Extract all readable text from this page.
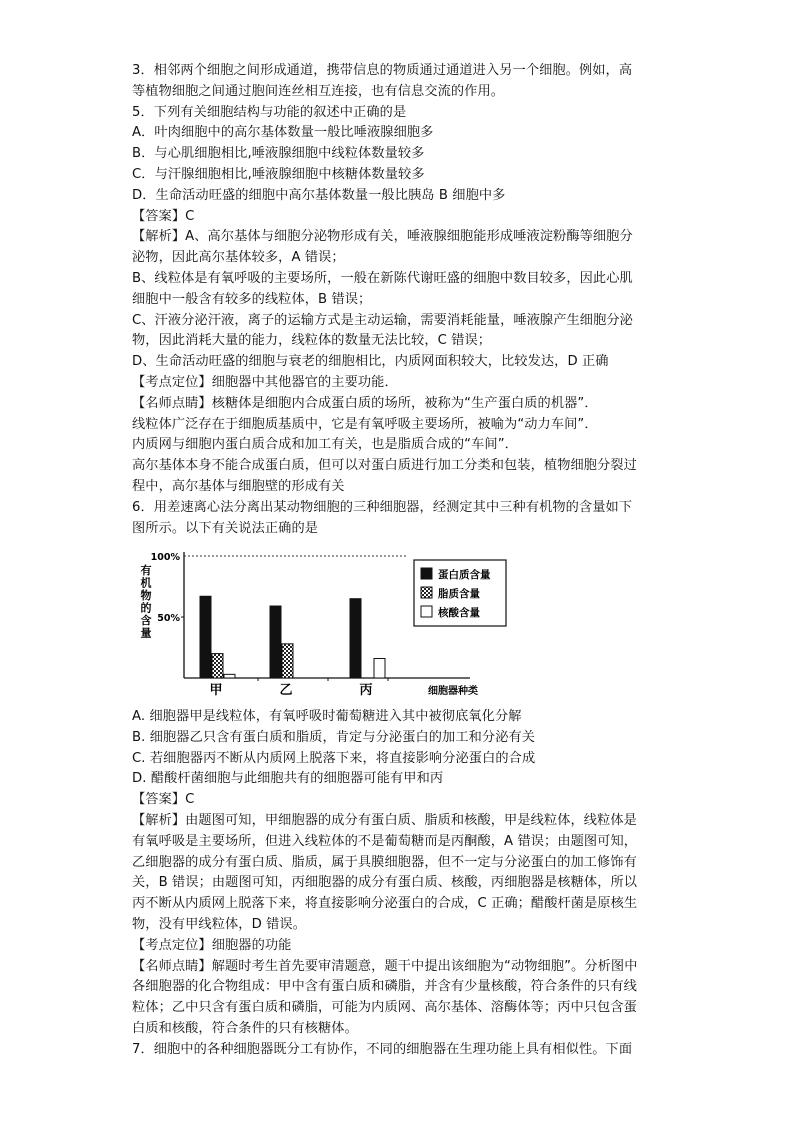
3．相邻两个细胞之间形成通道，携带信息的物质通过通道进入另一个细胞。例如，高
等植物细胞之间通过胞间连丝相互连接，也有信息交流的作用。
5．下列有关细胞结构与功能的叙述中正确的是
A．叶肉细胞中的高尔基体数量一般比唾液腺细胞多
B．与心肌细胞相比,唾液腺细胞中线粒体数量较多
C．与汗腺细胞相比,唾液腺细胞中核糖体数量较多
D．生命活动旺盛的细胞中高尔基体数量一般比胰岛 B 细胞中多
【答案】C
【解析】A、高尔基体与细胞分泌物形成有关，唾液腺细胞能形成唾液淀粉酶等细胞分
泌物，因此高尔基体较多，A 错误；
B、线粒体是有氧呼吸的主要场所，一般在新陈代谢旺盛的细胞中数目较多，因此心肌
细胞中一般含有较多的线粒体，B 错误；
C、汗液分泌汗液，离子的运输方式是主动运输，需要消耗能量，唾液腺产生细胞分泌
物，因此消耗大量的能力，线粒体的数量无法比较，C 错误；
D、生命活动旺盛的细胞与衰老的细胞相比，内质网面积较大，比较发达，D 正确
【考点定位】细胞器中其他器官的主要功能．
【名师点睛】核糖体是细胞内合成蛋白质的场所，被称为“生产蛋白质的机器”．
线粒体广泛存在于细胞质基质中，它是有氧呼吸主要场所，被喻为“动力车间”．
内质网与细胞内蛋白质合成和加工有关，也是脂质合成的“车间”．
高尔基体本身不能合成蛋白质，但可以对蛋白质进行加工分类和包装，植物细胞分裂过
程中，高尔基体与细胞壁的形成有关
6．用差速离心法分离出某动物细胞的三种细胞器，经测定其中三种有机物的含量如下
图所示。以下有关说法正确的是
100%
50%
有
机
物
的
含
量
甲	乙	丙	细胞器种类
蛋白质含量
脂质含量
核酸含量
A. 细胞器甲是线粒体，有氧呼吸时葡萄糖进入其中被彻底氧化分解
B. 细胞器乙只含有蛋白质和脂质，肯定与分泌蛋白的加工和分泌有关
C. 若细胞器丙不断从内质网上脱落下来，将直接影响分泌蛋白的合成
D. 醋酸杆菌细胞与此细胞共有的细胞器可能有甲和丙
【答案】C
【解析】由题图可知，甲细胞器的成分有蛋白质、脂质和核酸，甲是线粒体，线粒体是
有氧呼吸是主要场所，但进入线粒体的不是葡萄糖而是丙酮酸，A 错误；由题图可知，
乙细胞器的成分有蛋白质、脂质，属于具膜细胞器，但不一定与分泌蛋白的加工修饰有
关，B 错误；由题图可知，丙细胞器的成分有蛋白质、核酸，丙细胞器是核糖体，所以
丙不断从内质网上脱落下来，将直接影响分泌蛋白的合成，C 正确；醋酸杆菌是原核生
物，没有甲线粒体，D 错误。
【考点定位】细胞器的功能
【名师点睛】解题时考生首先要审清题意，题干中提出该细胞为“动物细胞”。分析图中
各细胞器的化合物组成：甲中含有蛋白质和磷脂，并含有少量核酸，符合条件的只有线
粒体；乙中只含有蛋白质和磷脂，可能为内质网、高尔基体、溶酶体等；丙中只包含蛋
白质和核酸，符合条件的只有核糖体。
7．细胞中的各种细胞器既分工有协作，不同的细胞器在生理功能上具有相似性。下面
